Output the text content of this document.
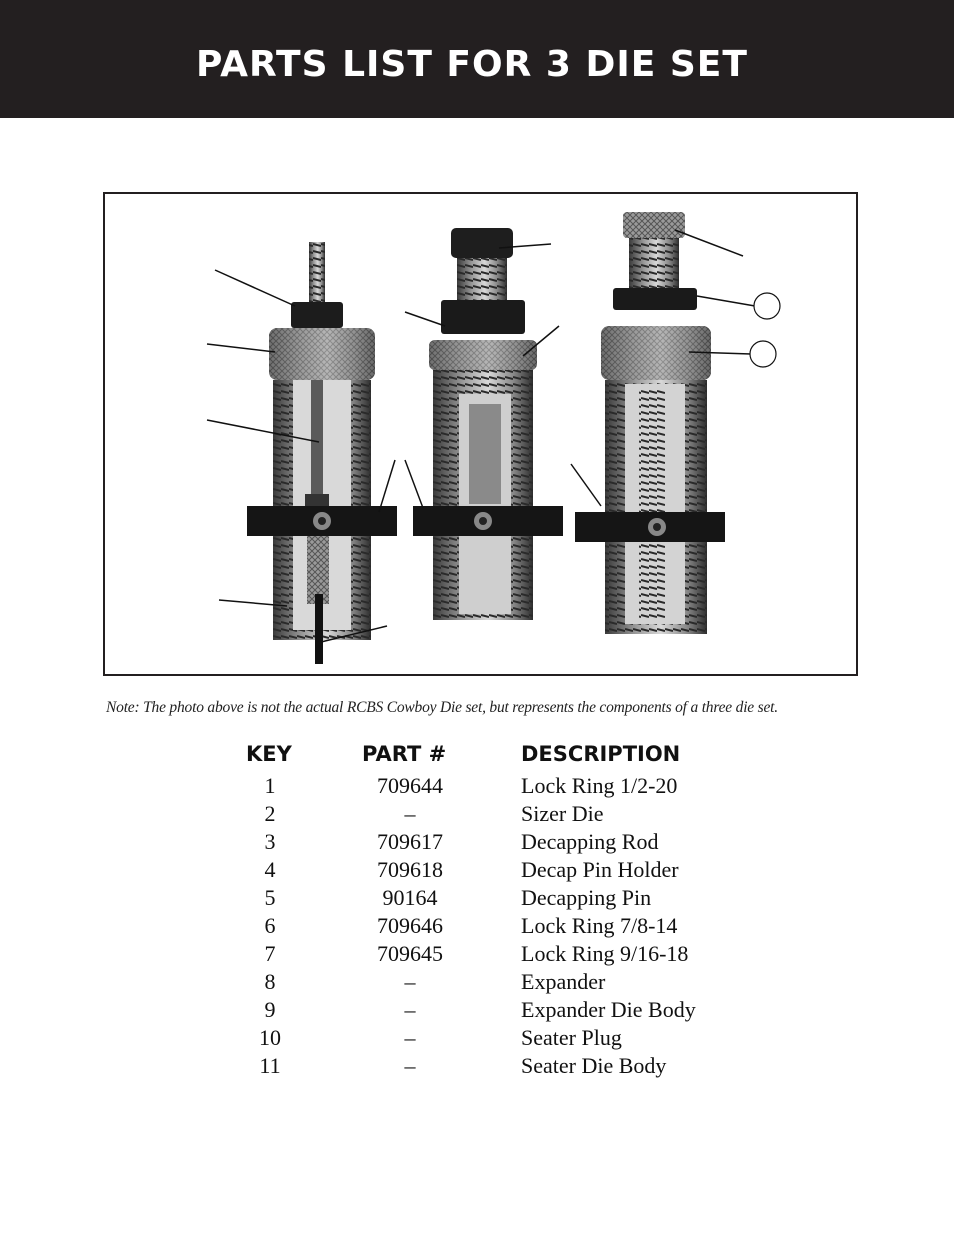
PARTS LIST FOR 3 DIE SET
Note: The photo above is not the actual RCBS Cowboy Die set, but represents the components of a three die set.
KEY	PART #	DESCRIPTION
1	709644	Lock Ring 1/2-20
2	–	Sizer Die
3	709617	Decapping Rod
4	709618	Decap Pin Holder
5	90164	Decapping Pin
6	709646	Lock Ring 7/8-14
7	709645	Lock Ring 9/16-18
8	–	Expander
9	–	Expander Die Body
10	–	Seater Plug
11	–	Seater Die Body
